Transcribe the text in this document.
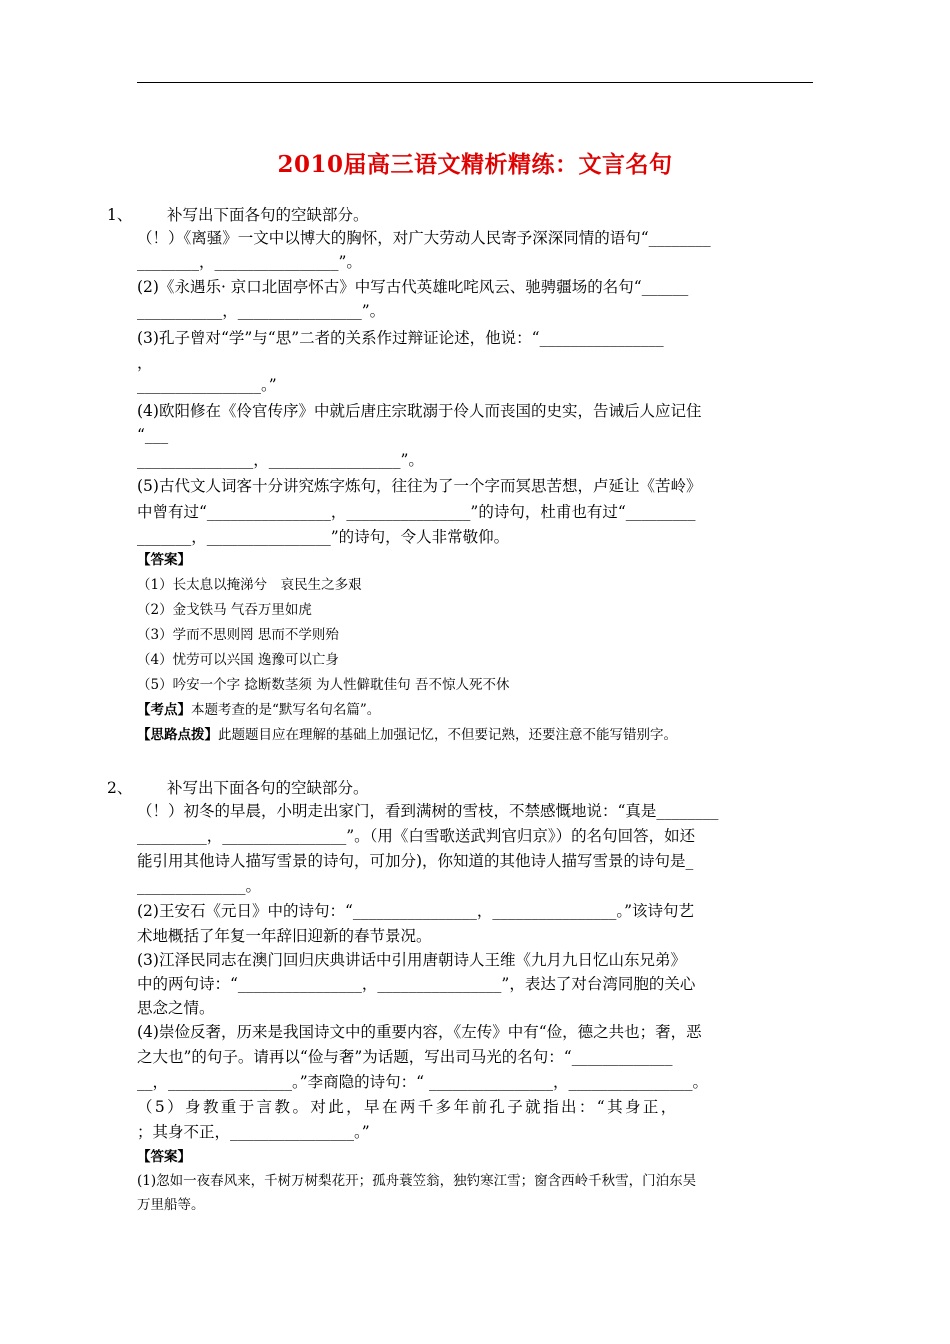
2010届高三语文精析精练：文言名句
1、 补写出下面各句的空缺部分。
（！）《离骚》一文中以博大的胸怀，对广大劳动人民寄予深深同情的语句“________
________，________________”。
(2)《永遇乐· 京口北固亭怀古》中写古代英雄叱咤风云、驰骋疆场的名句“______
___________，________________”。
(3)孔子曾对“学”与“思”二者的关系作过辩证论述，他说：“________________
，
________________。”
(4)欧阳修在《伶官传序》中就后唐庄宗耽溺于伶人而丧国的史实，告诫后人应记住
“___
_______________，_________________”。
(5)古代文人词客十分讲究炼字炼句，往往为了一个字而冥思苦想，卢延让《苦岭》
中曾有过“________________，________________”的诗句，杜甫也有过“_________
_______，________________”的诗句，令人非常敬仰。
【答案】
（1）长太息以掩涕兮　哀民生之多艰
（2）金戈铁马 气吞万里如虎
（3）学而不思则罔 思而不学则殆
（4）忧劳可以兴国 逸豫可以亡身
（5）吟安一个字 捻断数茎须 为人性僻耽佳句 吾不惊人死不休
【考点】本题考查的是“默写名句名篇”。
【思路点拨】此题题目应在理解的基础上加强记忆，不但要记熟，还要注意不能写错别字。
2、 补写出下面各句的空缺部分。
（！）初冬的早晨，小明走出家门，看到满树的雪枝，不禁感慨地说：“真是________
_________，________________”。（用《白雪歌送武判官归京》）的名句回答，如还
能引用其他诗人描写雪景的诗句，可加分)，你知道的其他诗人描写雪景的诗句是_
______________。
(2)王安石《元日》中的诗句：“________________，________________。”该诗句艺
术地概括了年复一年辞旧迎新的春节景况。
(3)江泽民同志在澳门回归庆典讲话中引用唐朝诗人王维《九月九日忆山东兄弟》
中的两句诗：“________________，________________”，表达了对台湾同胞的关心
思念之情。
(4)崇俭反奢，历来是我国诗文中的重要内容，《左传》中有“俭，德之共也；奢，恶
之大也”的句子。请再以“俭与奢”为话题，写出司马光的名句：“_____________
__，________________。”李商隐的诗句：“ ________________，________________。
（5）身教重于言教。对此，早在两千多年前孔子就指出：“其身正，
；其身不正，________________。”
【答案】
(1)忽如一夜春风来，千树万树梨花开；孤舟蓑笠翁，独钓寒江雪；窗含西岭千秋雪，门泊东吴
万里船等。
